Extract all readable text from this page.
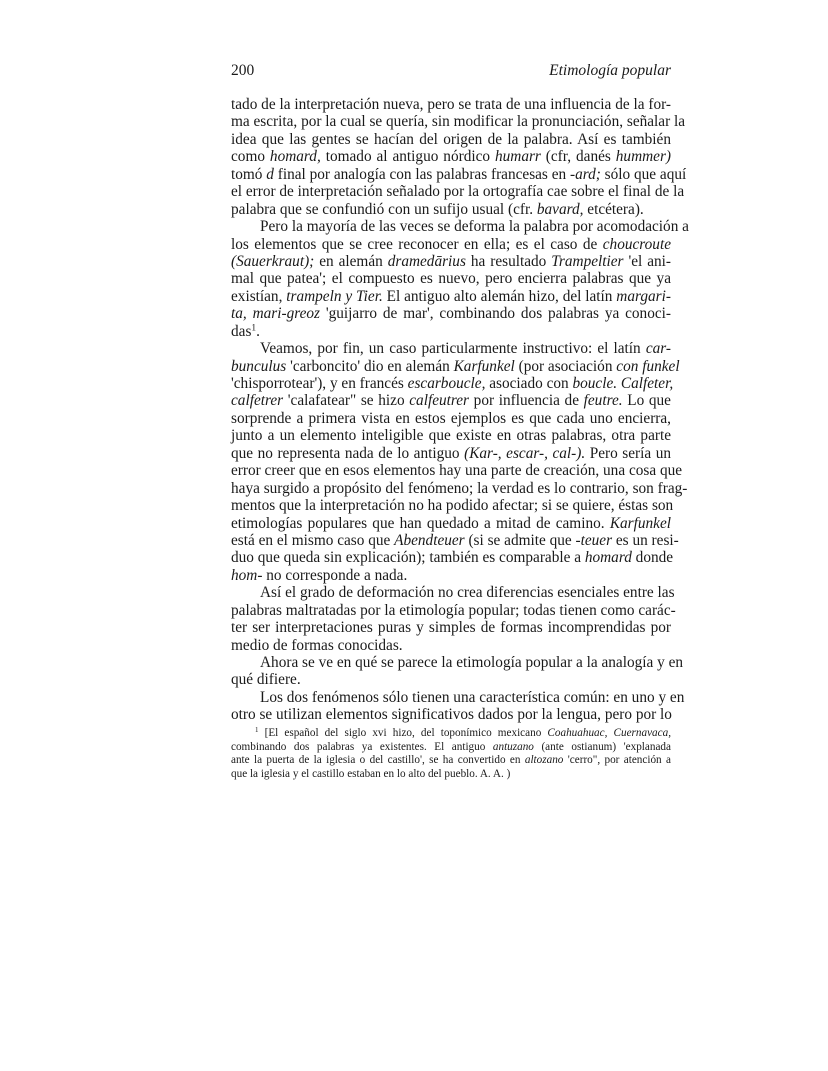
200	Etimología popular
tado de la interpretación nueva, pero se trata de una influencia de la for-
ma escrita, por la cual se quería, sin modificar la pronunciación, señalar la
idea que las gentes se hacían del origen de la palabra. Así es también
como homard, tomado al antiguo nórdico humarr (cfr, danés hummer)
tomó d final por analogía con las palabras francesas en -ard; sólo que aquí
el error de interpretación señalado por la ortografía cae sobre el final de la
palabra que se confundió con un sufijo usual (cfr. bavard, etcétera).
Pero la mayoría de las veces se deforma la palabra por acomodación a
los elementos que se cree reconocer en ella; es el caso de choucroute
(Sauerkraut); en alemán dramedārius ha resultado Trampeltier 'el ani-
mal que patea'; el compuesto es nuevo, pero encierra palabras que ya
existían, trampeln y Tier. El antiguo alto alemán hizo, del latín margari-
ta, mari-greoz 'guijarro de mar', combinando dos palabras ya conoci-
das$^1$.
Veamos, por fin, un caso particularmente instructivo: el latín car-
bunculus 'carboncito' dio en alemán Karfunkel (por asociación con funkel
'chisporrotear'), y en francés escarboucle, asociado con boucle. Calfeter,
calfetrer 'calafatear" se hizo calfeutrer por influencia de feutre. Lo que
sorprende a primera vista en estos ejemplos es que cada uno encierra,
junto a un elemento inteligible que existe en otras palabras, otra parte
que no representa nada de lo antiguo (Kar-, escar-, cal-). Pero sería un
error creer que en esos elementos hay una parte de creación, una cosa que
haya surgido a propósito del fenómeno; la verdad es lo contrario, son frag-
mentos que la interpretación no ha podido afectar; si se quiere, éstas son
etimologías populares que han quedado a mitad de camino. Karfunkel
está en el mismo caso que Abendteuer (si se admite que -teuer es un resi-
duo que queda sin explicación); también es comparable a homard donde
hom- no corresponde a nada.
Así el grado de deformación no crea diferencias esenciales entre las
palabras maltratadas por la etimología popular; todas tienen como carác-
ter ser interpretaciones puras y simples de formas incomprendidas por
medio de formas conocidas.
Ahora se ve en qué se parece la etimología popular a la analogía y en
qué difiere.
Los dos fenómenos sólo tienen una característica común: en uno y en
otro se utilizan elementos significativos dados por la lengua, pero por lo
$^1$ [El español del siglo xvi hizo, del toponímico mexicano Coahuahuac, Cuernavaca,
combinando dos palabras ya existentes. El antiguo antuzano (ante ostianum) 'explanada
ante la puerta de la iglesia o del castillo', se ha convertido en altozano 'cerro", por atención a
que la iglesia y el castillo estaban en lo alto del pueblo. A. A. )
